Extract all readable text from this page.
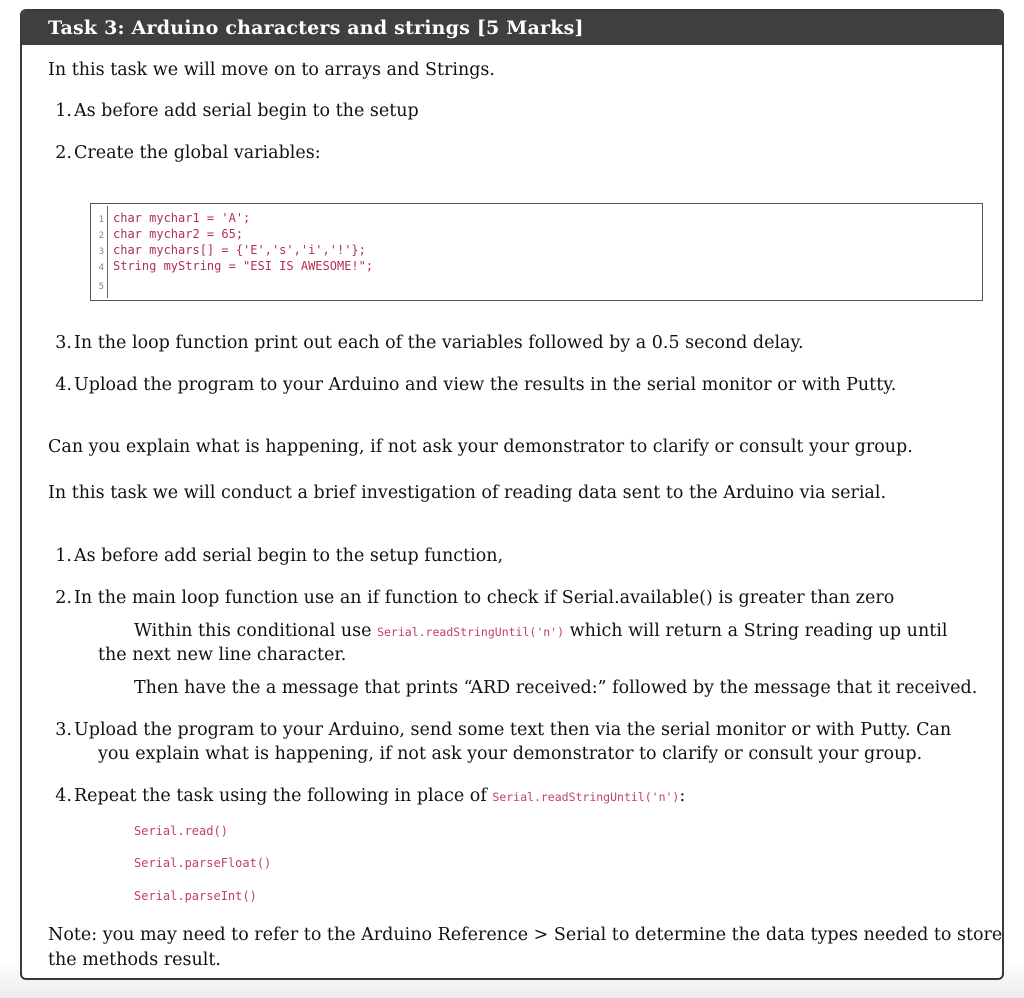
Task 3: Arduino characters and strings [5 Marks]
In this task we will move on to arrays and Strings.
1. As before add serial begin to the setup
2. Create the global variables:
1
2
3
4
5
char mychar1 = 'A';
char mychar2 = 65;
char mychars[] = {'E','s','i','!'};
String myString = "ESI IS AWESOME!";
3. In the loop function print out each of the variables followed by a 0.5 second delay.
4. Upload the program to your Arduino and view the results in the serial monitor or with Putty.
Can you explain what is happening, if not ask your demonstrator to clarify or consult your group.
In this task we will conduct a brief investigation of reading data sent to the Arduino via serial.
1. As before add serial begin to the setup function,
2. In the main loop function use an if function to check if Serial.available() is greater than zero
Within this conditional use Serial.readStringUntil('n') which will return a String reading up until
the next new line character.
Then have the a message that prints “ARD received:” followed by the message that it received.
3. Upload the program to your Arduino, send some text then via the serial monitor or with Putty. Can
you explain what is happening, if not ask your demonstrator to clarify or consult your group.
4. Repeat the task using the following in place of Serial.readStringUntil('n'):
Serial.read()
Serial.parseFloat()
Serial.parseInt()
Note: you may need to refer to the Arduino Reference > Serial to determine the data types needed to store
the methods result.
